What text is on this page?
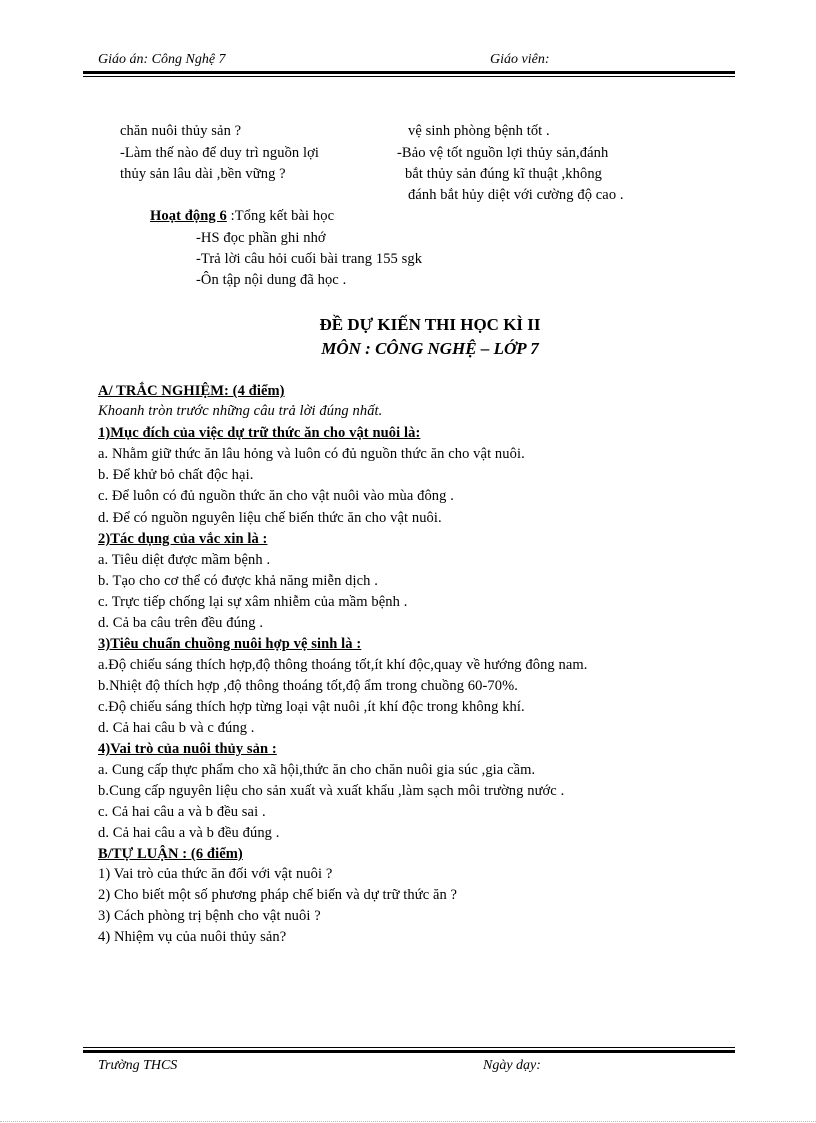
Giáo án: Công Nghệ 7	Giáo viên:
chăn nuôi thủy sản ?	vệ sinh phòng bệnh tốt .
-Làm thế nào để duy trì nguồn lợi	-Bảo vệ tốt nguồn lợi thủy sản,đánh
thủy sản lâu dài ,bền vững ?	bắt thủy sản đúng kĩ thuật ,không
đánh bắt hủy diệt với cường độ cao .
Hoạt động 6 :Tổng kết bài học
-HS đọc phần ghi nhớ
-Trả lời câu hỏi cuối bài trang 155 sgk
-Ôn tập nội dung đã học .
ĐỀ DỰ KIẾN THI HỌC KÌ II
MÔN : CÔNG NGHỆ – LỚP 7
A/ TRẮC NGHIỆM: (4 điểm)
Khoanh tròn trước những câu trả lời đúng nhất.
1)Mục đích của việc dự trữ thức ăn cho vật nuôi là:
a. Nhằm giữ thức ăn lâu hỏng và luôn có đủ nguồn thức ăn cho vật nuôi.
b. Để khử bỏ chất độc hại.
c. Để luôn có đủ nguồn thức ăn cho vật nuôi vào mùa đông .
d. Để có nguồn nguyên liệu chế biến thức ăn cho vật nuôi.
2)Tác dụng của vắc xin là :
a. Tiêu diệt được mầm bệnh .
b. Tạo cho cơ thể có được khả năng miễn dịch .
c. Trực tiếp chống lại sự xâm nhiễm của mầm bệnh .
d. Cả ba câu trên đều đúng .
3)Tiêu chuẩn chuồng nuôi hợp vệ sinh là :
a.Độ chiếu sáng thích hợp,độ thông thoáng tốt,ít khí độc,quay về hướng đông nam.
b.Nhiệt độ thích hợp ,độ thông thoáng tốt,độ ẩm trong chuồng 60-70%.
c.Độ chiếu sáng thích hợp từng loại vật nuôi ,ít khí độc trong không khí.
d. Cả hai câu b và c đúng .
4)Vai trò của nuôi thủy sản :
a. Cung cấp thực phẩm cho xã hội,thức ăn cho chăn nuôi gia súc ,gia cầm.
b.Cung cấp nguyên liệu cho sản xuất và xuất khẩu ,làm sạch môi trường nước .
c. Cả hai câu a và b đều sai .
d. Cả hai câu a và b đều đúng .
B/TỰ LUẬN : (6 điểm)
1) Vai trò của thức ăn đối với vật nuôi ?
2) Cho biết một số phương pháp chế biến và dự trữ thức ăn ?
3) Cách phòng trị bệnh cho vật nuôi ?
4) Nhiệm vụ của nuôi thủy sản?
Trường THCS	Ngày dạy:
